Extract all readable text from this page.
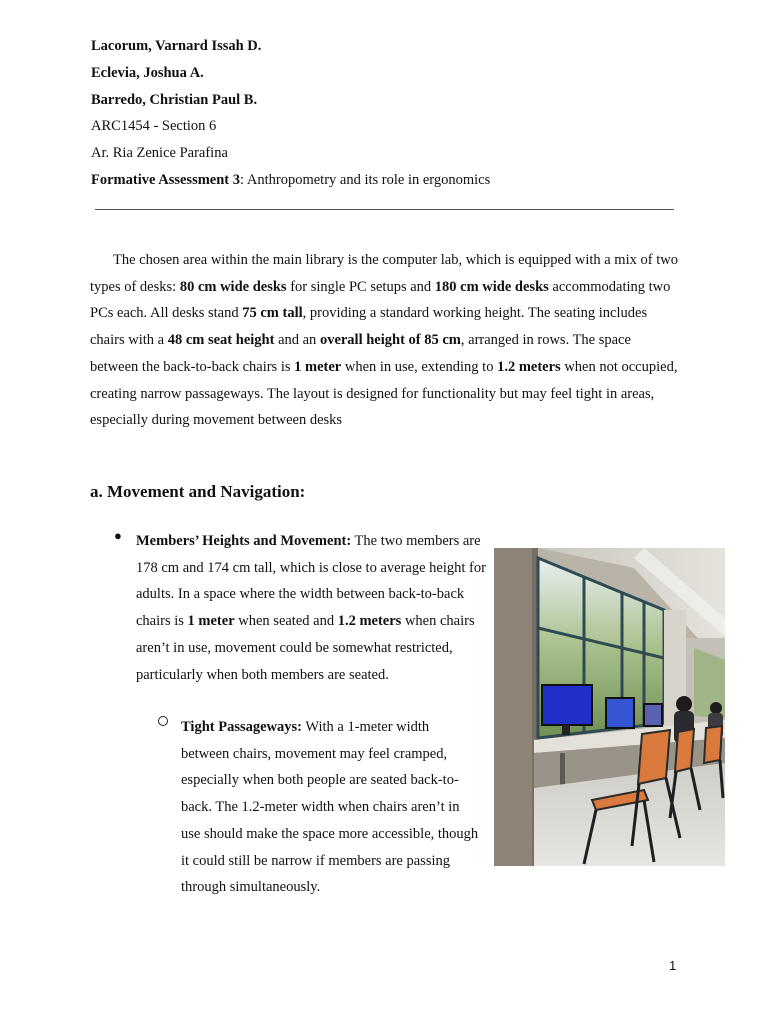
Lacorum, Varnard Issah D.
Eclevia, Joshua A.
Barredo, Christian Paul B.
ARC1454 - Section 6
Ar. Ria Zenice Parafina
Formative Assessment 3: Anthropometry and its role in ergonomics

The chosen area within the main library is the computer lab, which is equipped with a mix of two types of desks: 80 cm wide desks for single PC setups and 180 cm wide desks accommodating two PCs each. All desks stand 75 cm tall, providing a standard working height. The seating includes chairs with a 48 cm seat height and an overall height of 85 cm, arranged in rows. The space between the back-to-back chairs is 1 meter when in use, extending to 1.2 meters when not occupied, creating narrow passageways. The layout is designed for functionality but may feel tight in areas, especially during movement between desks

a. Movement and Navigation:
● Members’ Heights and Movement: The two members are 178 cm and 174 cm tall, which is close to average height for adults. In a space where the width between back-to-back chairs is 1 meter when seated and 1.2 meters when chairs aren’t in use, movement could be somewhat restricted, particularly when both members are seated.
Tight Passageways: With a 1-meter width between chairs, movement may feel cramped, especially when both people are seated back-to-back. The 1.2-meter width when chairs aren’t in use should make the space more accessible, though it could still be narrow if members are passing through simultaneously.
1
